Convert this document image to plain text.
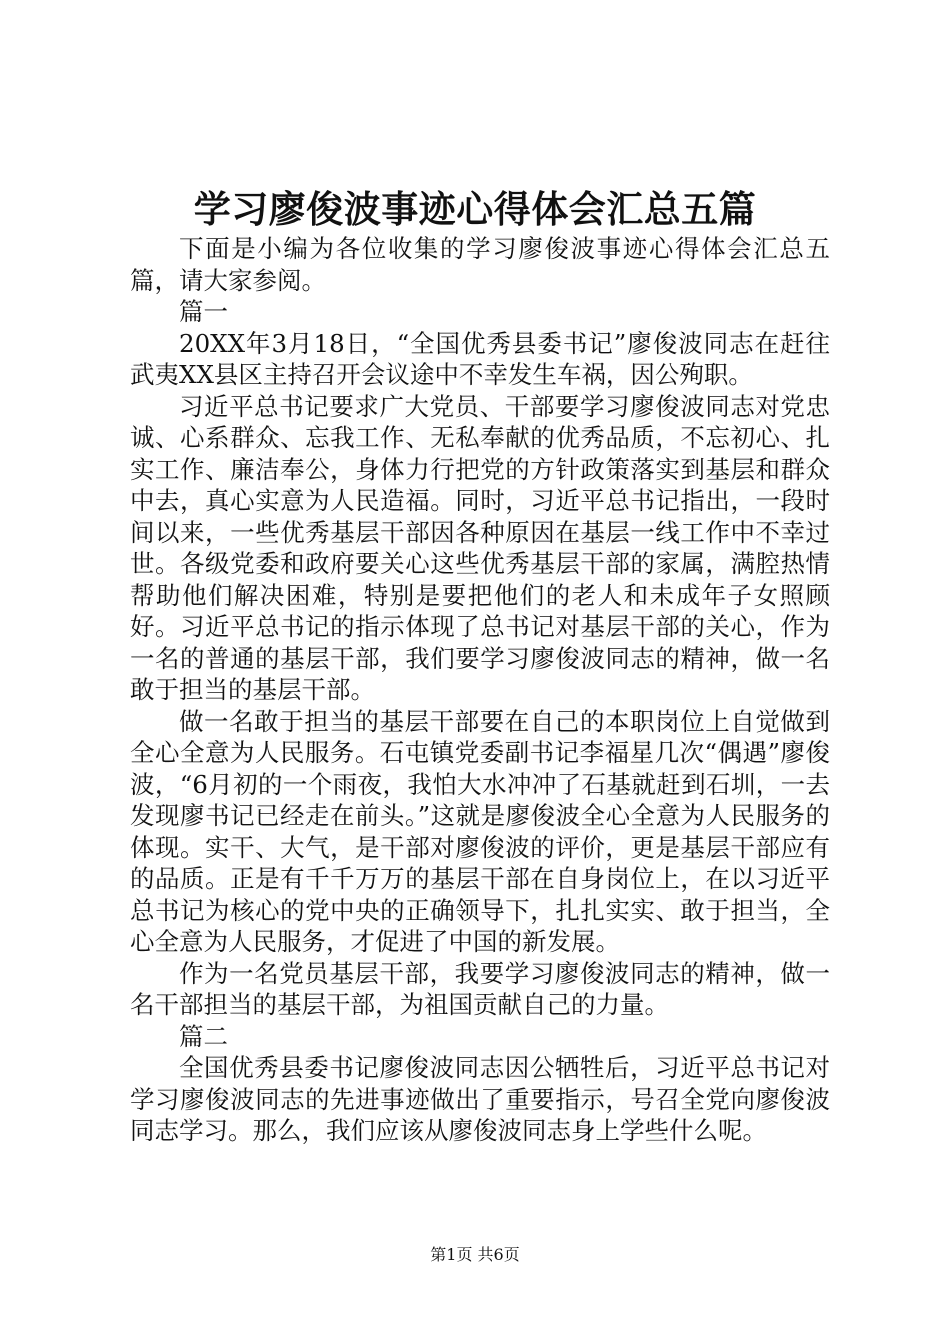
学习廖俊波事迹心得体会汇总五篇

下面是小编为各位收集的学习廖俊波事迹心得体会汇总五篇，请大家参阅。

篇一

20XX年3月18日，“全国优秀县委书记”廖俊波同志在赶往武夷XX县区主持召开会议途中不幸发生车祸，因公殉职。

习近平总书记要求广大党员、干部要学习廖俊波同志对党忠诚、心系群众、忘我工作、无私奉献的优秀品质，不忘初心、扎实工作、廉洁奉公，身体力行把党的方针政策落实到基层和群众中去，真心实意为人民造福。同时，习近平总书记指出，一段时间以来，一些优秀基层干部因各种原因在基层一线工作中不幸过世。各级党委和政府要关心这些优秀基层干部的家属，满腔热情帮助他们解决困难，特别是要把他们的老人和未成年子女照顾好。习近平总书记的指示体现了总书记对基层干部的关心，作为一名的普通的基层干部，我们要学习廖俊波同志的精神，做一名敢于担当的基层干部。

做一名敢于担当的基层干部要在自己的本职岗位上自觉做到全心全意为人民服务。石屯镇党委副书记李福星几次“偶遇”廖俊波，“6月初的一个雨夜，我怕大水冲冲了石基就赶到石圳，一去发现廖书记已经走在前头。”这就是廖俊波全心全意为人民服务的体现。实干、大气，是干部对廖俊波的评价，更是基层干部应有的品质。正是有千千万万的基层干部在自身岗位上，在以习近平总书记为核心的党中央的正确领导下，扎扎实实、敢于担当，全心全意为人民服务，才促进了中国的新发展。

作为一名党员基层干部，我要学习廖俊波同志的精神，做一名干部担当的基层干部，为祖国贡献自己的力量。

篇二

全国优秀县委书记廖俊波同志因公牺牲后，习近平总书记对学习廖俊波同志的先进事迹做出了重要指示，号召全党向廖俊波同志学习。那么，我们应该从廖俊波同志身上学些什么呢。

第1页 共6页
